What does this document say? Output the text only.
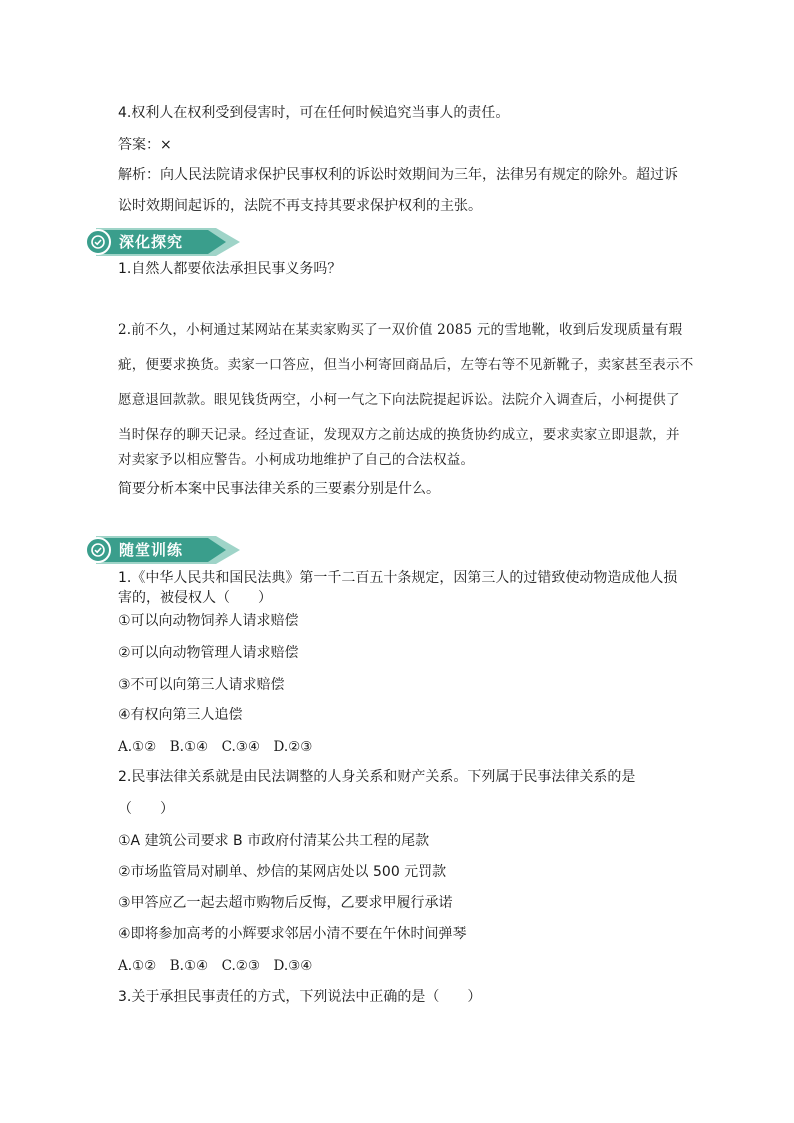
4.权利人在权利受到侵害时，可在任何时候追究当事人的责任。

答案：×

解析：向人民法院请求保护民事权利的诉讼时效期间为三年，法律另有规定的除外。超过诉

讼时效期间起诉的，法院不再支持其要求保护权利的主张。

深化探究

1.自然人都要依法承担民事义务吗？

2.前不久，小柯通过某网站在某卖家购买了一双价值 2085 元的雪地靴，收到后发现质量有瑕

疵，便要求换货。卖家一口答应，但当小柯寄回商品后，左等右等不见新靴子，卖家甚至表示不

愿意退回款款。眼见钱货两空，小柯一气之下向法院提起诉讼。法院介入调查后，小柯提供了

当时保存的聊天记录。经过查证，发现双方之前达成的换货协约成立，要求卖家立即退款，并

对卖家予以相应警告。小柯成功地维护了自己的合法权益。

简要分析本案中民事法律关系的三要素分别是什么。

随堂训练

1.《中华人民共和国民法典》第一千二百五十条规定，因第三人的过错致使动物造成他人损害的，被侵权人（　　）

①可以向动物饲养人请求赔偿

②可以向动物管理人请求赔偿

③不可以向第三人请求赔偿

④有权向第三人追偿

A.①②　B.①④　C.③④　D.②③

2.民事法律关系就是由民法调整的人身关系和财产关系。下列属于民事法律关系的是

（　　）

①A 建筑公司要求 B 市政府付清某公共工程的尾款

②市场监管局对刷单、炒信的某网店处以 500 元罚款

③甲答应乙一起去超市购物后反悔，乙要求甲履行承诺

④即将参加高考的小辉要求邻居小清不要在午休时间弹琴

A.①②　B.①④　C.②③　D.③④

3.关于承担民事责任的方式，下列说法中正确的是（　　）
